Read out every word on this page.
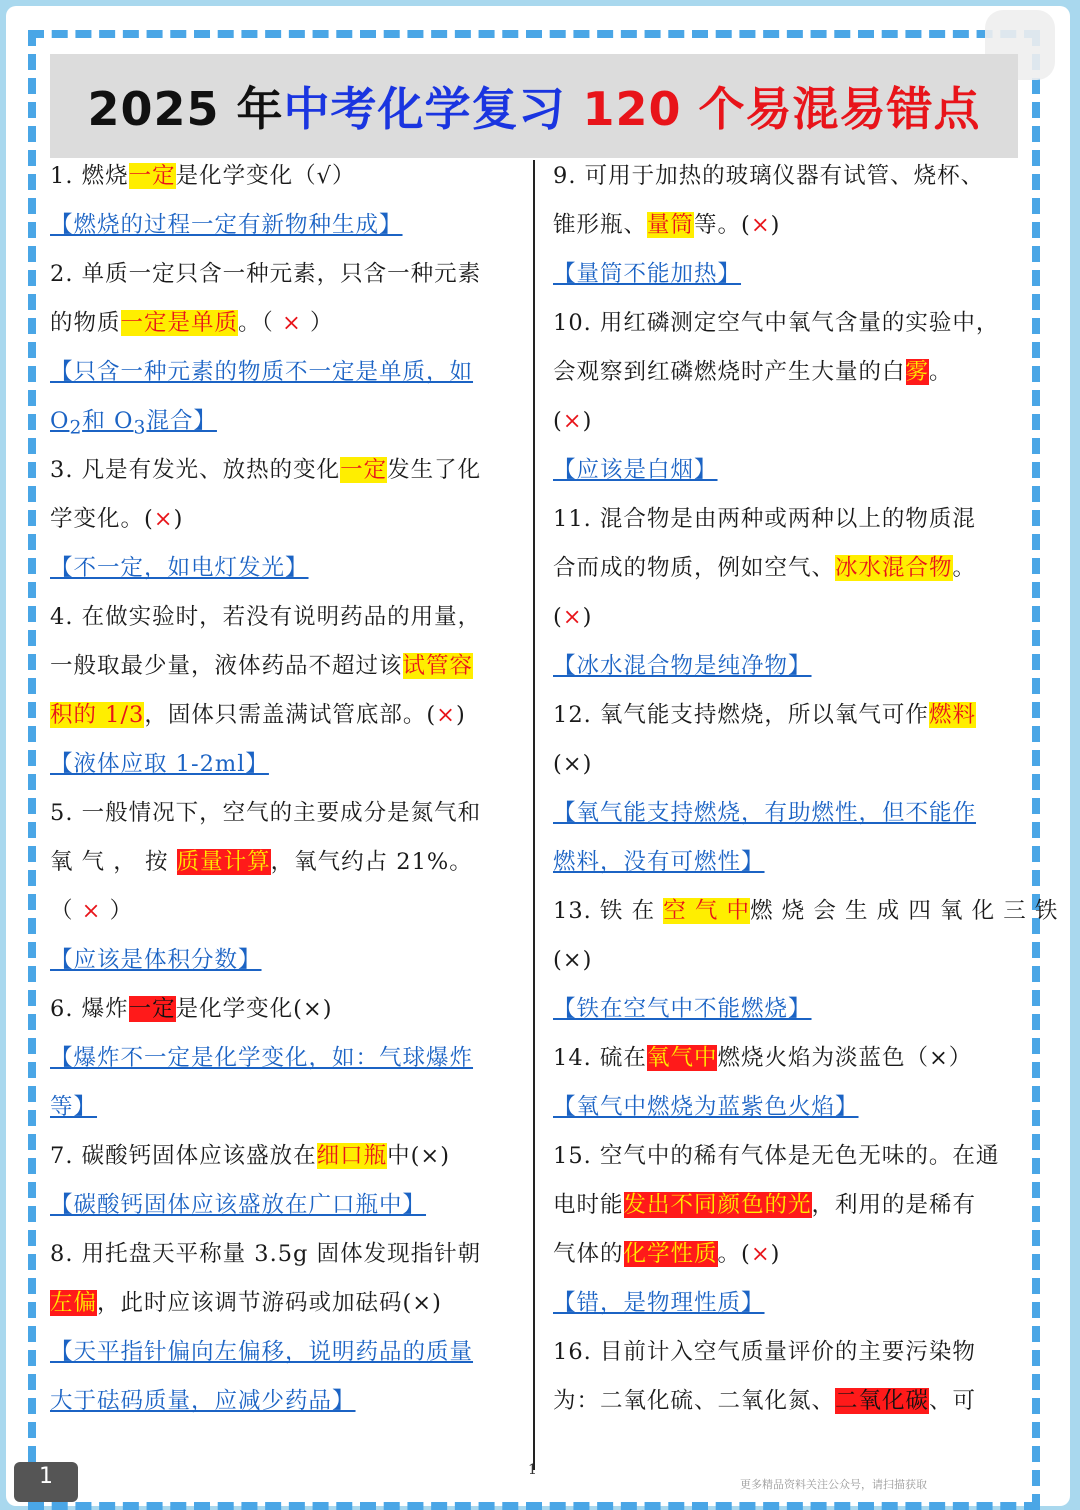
2025 年中考化学复习 120 个易混易错点
1. 燃烧一定是化学变化（√）
【燃烧的过程一定有新物种生成】
2. 单质一定只含一种元素，只含一种元素
的物质一定是单质。（ × ）
【只含一种元素的物质不一定是单质，如
$O_2$和 $O_3$混合】
3. 凡是有发光、放热的变化一定发生了化
学变化。(×)
【不一定，如电灯发光】
4. 在做实验时，若没有说明药品的用量，
一般取最少量，液体药品不超过该试管容
积的 1/3，固体只需盖满试管底部。(×)
【液体应取 1-2ml】
5. 一般情况下，空气的主要成分是氮气和
氧 气 ， 按 质量计算，氧气约占 21%。
（ × ）
【应该是体积分数】
6. 爆炸一定是化学变化(×)
【爆炸不一定是化学变化，如：气球爆炸
等】
7. 碳酸钙固体应该盛放在细口瓶中(×)
【碳酸钙固体应该盛放在广口瓶中】
8. 用托盘天平称量 3.5g 固体发现指针朝
左偏，此时应该调节游码或加砝码(×)
【天平指针偏向左偏移，说明药品的质量
大于砝码质量，应减少药品】
9. 可用于加热的玻璃仪器有试管、烧杯、
锥形瓶、量筒等。(×)
【量筒不能加热】
10. 用红磷测定空气中氧气含量的实验中，
会观察到红磷燃烧时产生大量的白雾。
(×)
【应该是白烟】
11. 混合物是由两种或两种以上的物质混
合而成的物质，例如空气、冰水混合物。
(×)
【冰水混合物是纯净物】
12. 氧气能支持燃烧，所以氧气可作燃料
(×)
【氧气能支持燃烧，有助燃性，但不能作
燃料，没有可燃性】
13. 铁 在 空 气 中燃 烧 会 生 成 四 氧 化 三 铁
(×)
【铁在空气中不能燃烧】
14. 硫在氧气中燃烧火焰为淡蓝色（×）
【氧气中燃烧为蓝紫色火焰】
15. 空气中的稀有气体是无色无味的。在通
电时能发出不同颜色的光，利用的是稀有
气体的化学性质。(×)
【错，是物理性质】
16. 目前计入空气质量评价的主要污染物
为：二氧化硫、二氧化氮、二氧化碳、可
1
1	更多精品资料关注公众号，请扫描获取
